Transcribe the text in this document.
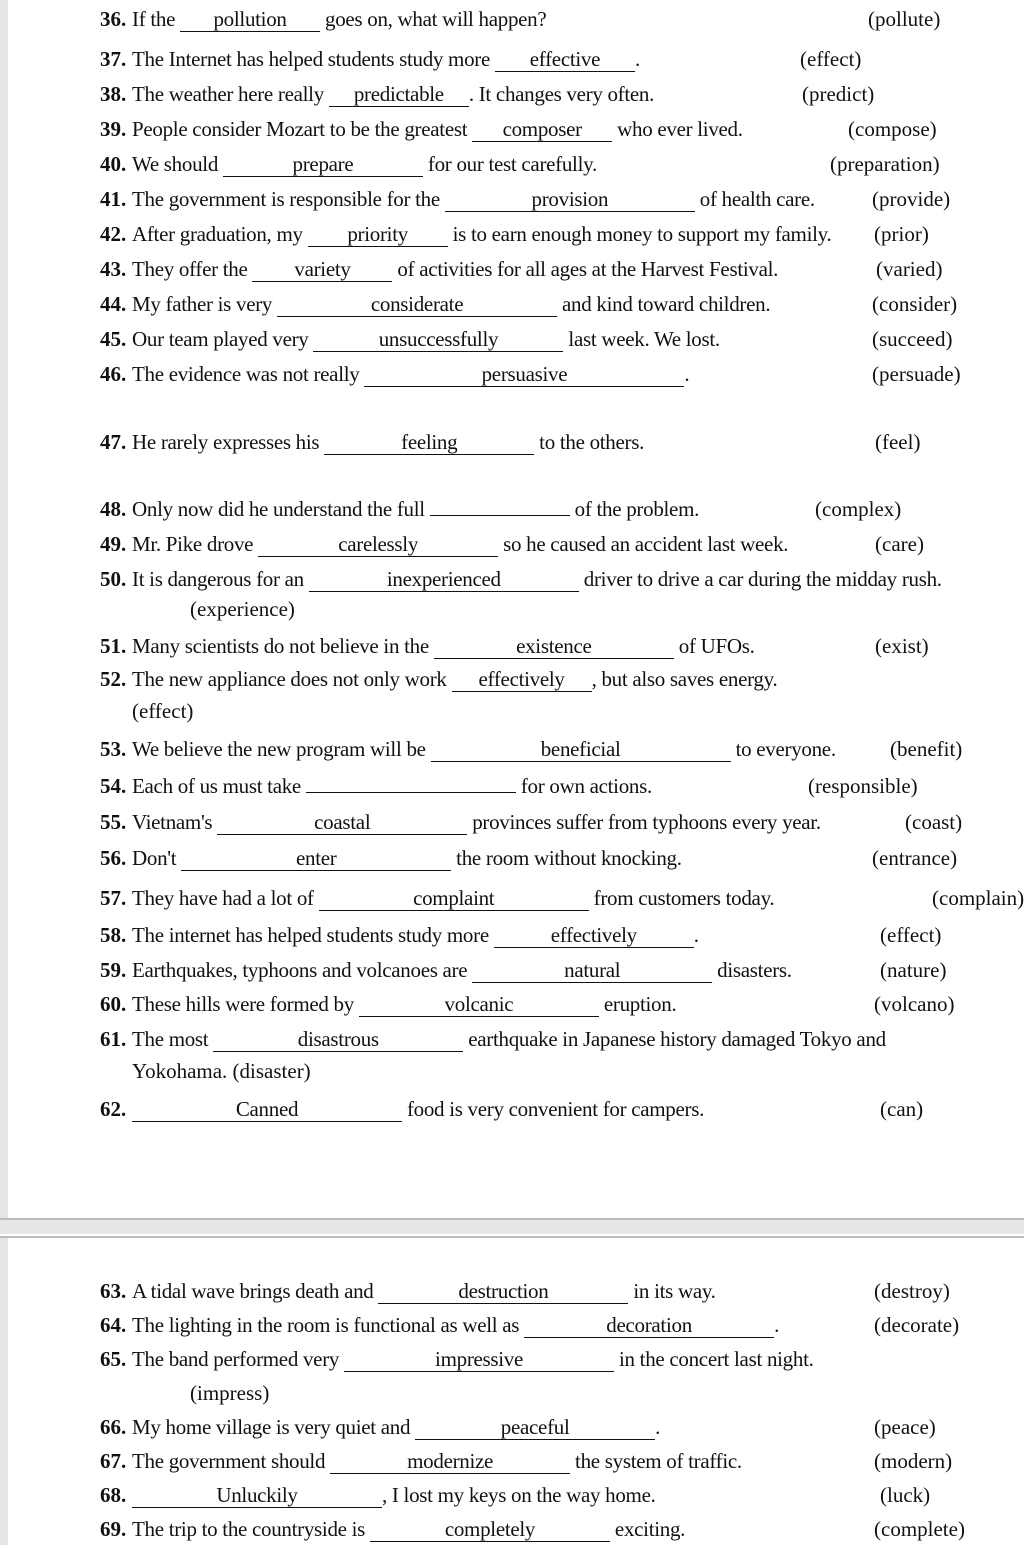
36. If the pollution goes on, what will happen?	(pollute)
37. The Internet has helped students study more effective .	(effect)
38. The weather here really predictable . It changes very often.	(predict)
39. People consider Mozart to be the greatest composer who ever lived.	(compose)
40. We should	prepare	for our test carefully.	(preparation)
41. The government is responsible for the	provision	of health care.	(provide)
42. After graduation, my priority is to earn enough money to support my family.	(prior)
43. They offer the variety of activities for all ages at the Harvest Festival.	(varied)
44. My father is very	considerate	and kind toward children.	(consider)
45. Our team played very	unsuccessfully	last week. We lost.	(succeed)
46. The evidence was not really	persuasive	.	(persuade)
47. He rarely expresses his	feeling	to the others.	(feel)
48. Only now did he understand the full	of the problem.	(complex)
49. Mr. Pike drove	carelessly	so he caused an accident last week.	(care)
50. It is dangerous for an	inexperienced	driver to drive a car during the midday rush.
(experience)
51. Many scientists do not believe in the	existence	of UFOs.	(exist)
52. The new appliance does not only work effectively , but also saves energy.
(effect)
53. We believe the new program will be	beneficial	to everyone.	(benefit)
54. Each of us must take	for own actions.	(responsible)
55. Vietnam's	coastal	provinces suffer from typhoons every year.	(coast)
56. Don't	enter	the room without knocking.	(entrance)
57. They have had a lot of	complaint	from customers today.	(complain)
58. The internet has helped students study more	effectively	.	(effect)
59. Earthquakes, typhoons and volcanoes are	natural	disasters.	(nature)
60. These hills were formed by	volcanic	eruption.	(volcano)
61. The most	disastrous	earthquake in Japanese history damaged Tokyo and
Yokohama. (disaster)
62.	Canned	food is very convenient for campers.	(can)
63. A tidal wave brings death and	destruction	in its way.	(destroy)
64. The lighting in the room is functional as well as	decoration	.	(decorate)
65. The band performed very	impressive	in the concert last night.
(impress)
66. My home village is very quiet and	peaceful	.	(peace)
67. The government should	modernize	the system of traffic.	(modern)
68.	Unluckily	, I lost my keys on the way home.	(luck)
69. The trip to the countryside is	completely	exciting.	(complete)
